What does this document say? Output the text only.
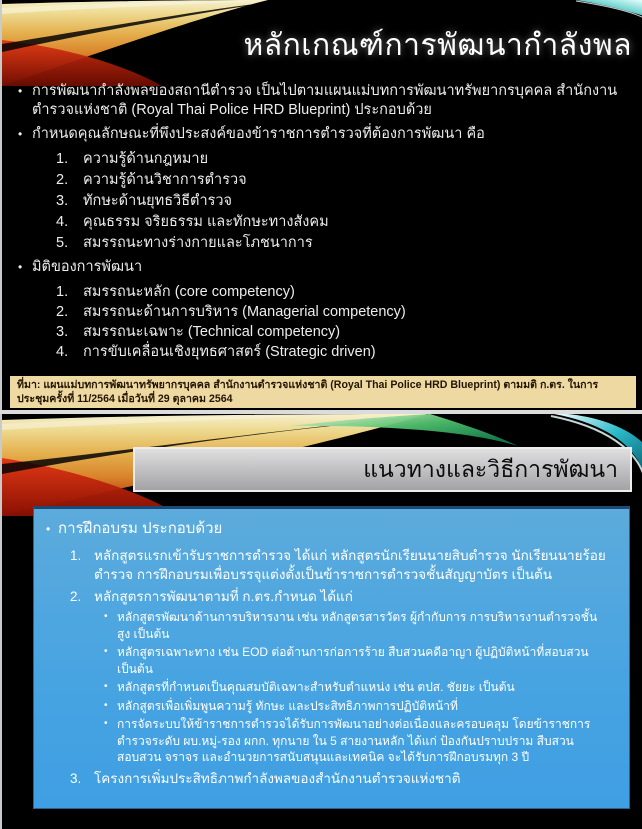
หลักเกณฑ์การพัฒนากำลังพล
• การพัฒนากำลังพลของสถานีตำรวจ เป็นไปตามแผนแม่บทการพัฒนาทรัพยากรบุคคล สำนักงานตำรวจแห่งชาติ (Royal Thai Police HRD Blueprint) ประกอบด้วย
• กำหนดคุณลักษณะที่พึงประสงค์ของข้าราชการตำรวจที่ต้องการพัฒนา คือ
1.	ความรู้ด้านกฎหมาย
2.	ความรู้ด้านวิชาการตำรวจ
3.	ทักษะด้านยุทธวิธีตำรวจ
4.	คุณธรรม จริยธรรม และทักษะทางสังคม
5.	สมรรถนะทางร่างกายและโภชนาการ
• มิติของการพัฒนา
1.	สมรรถนะหลัก (core competency)
2.	สมรรถนะด้านการบริหาร (Managerial competency)
3.	สมรรถนะเฉพาะ (Technical competency)
4.	การขับเคลื่อนเชิงยุทธศาสตร์ (Strategic driven)
ที่มา: แผนแม่บทการพัฒนาทรัพยากรบุคคล สำนักงานตำรวจแห่งชาติ (Royal Thai Police HRD Blueprint) ตามมติ ก.ตร. ในการประชุมครั้งที่ 11/2564 เมื่อวันที่ 29 ตุลาคม 2564
แนวทางและวิธีการพัฒนา
• การฝึกอบรม ประกอบด้วย
1. หลักสูตรแรกเข้ารับราชการตำรวจ ได้แก่ หลักสูตรนักเรียนนายสิบตำรวจ นักเรียนนายร้อยตำรวจ การฝึกอบรมเพื่อบรรจุแต่งตั้งเป็นข้าราชการตำรวจชั้นสัญญาบัตร เป็นต้น
2. หลักสูตรการพัฒนาตามที่ ก.ตร.กำหนด ได้แก่
• หลักสูตรพัฒนาด้านการบริหารงาน เช่น หลักสูตรสารวัตร ผู้กำกับการ การบริหารงานตำรวจชั้นสูง เป็นต้น
• หลักสูตรเฉพาะทาง เช่น EOD ต่อต้านการก่อการร้าย สืบสวนคดีอาญา ผู้ปฏิบัติหน้าที่สอบสวน เป็นต้น
• หลักสูตรที่กำหนดเป็นคุณสมบัติเฉพาะสำหรับตำแหน่ง เช่น ตปส. ชัยยะ เป็นต้น
• หลักสูตรเพื่อเพิ่มพูนความรู้ ทักษะ และประสิทธิภาพการปฏิบัติหน้าที่
• การจัดระบบให้ข้าราชการตำรวจได้รับการพัฒนาอย่างต่อเนื่องและครอบคลุม โดยข้าราชการตำรวจระดับ ผบ.หมู่-รอง ผกก. ทุกนาย ใน 5 สายงานหลัก ได้แก่ ป้องกันปราบปราม สืบสวน สอบสวน จราจร และอำนวยการสนับสนุนและเทคนิค จะได้รับการฝึกอบรมทุก 3 ปี
3. โครงการเพิ่มประสิทธิภาพกำลังพลของสำนักงานตำรวจแห่งชาติ
